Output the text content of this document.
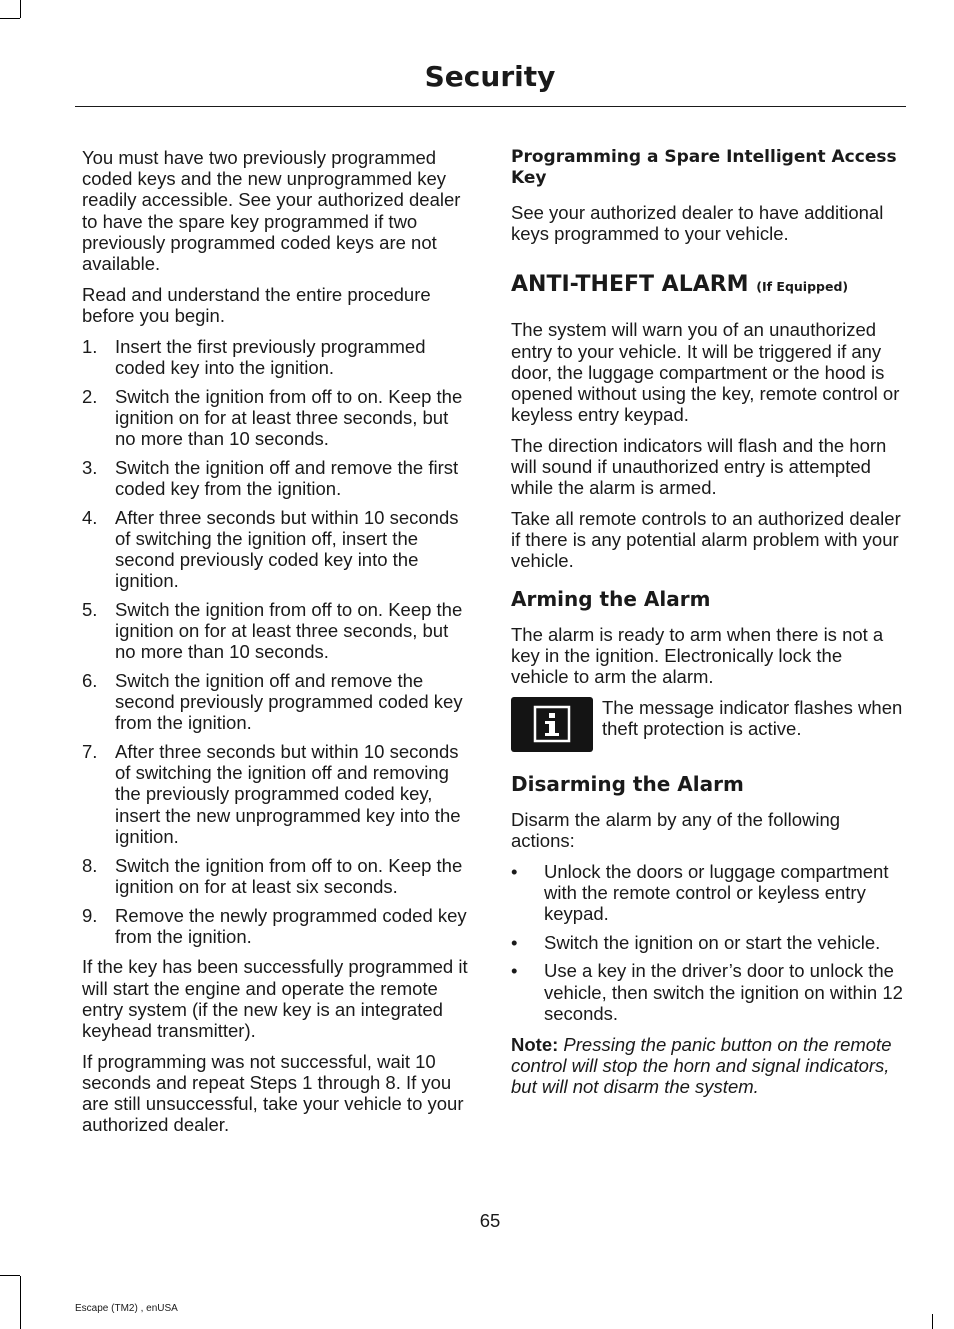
Security

You must have two previously programmed coded keys and the new unprogrammed key readily accessible. See your authorized dealer to have the spare key programmed if two previously programmed coded keys are not available.

Read and understand the entire procedure before you begin.

1. Insert the first previously programmed coded key into the ignition.
2. Switch the ignition from off to on. Keep the ignition on for at least three seconds, but no more than 10 seconds.
3. Switch the ignition off and remove the first coded key from the ignition.
4. After three seconds but within 10 seconds of switching the ignition off, insert the second previously coded key into the ignition.
5. Switch the ignition from off to on. Keep the ignition on for at least three seconds, but no more than 10 seconds.
6. Switch the ignition off and remove the second previously programmed coded key from the ignition.
7. After three seconds but within 10 seconds of switching the ignition off and removing the previously programmed coded key, insert the new unprogrammed key into the ignition.
8. Switch the ignition from off to on. Keep the ignition on for at least six seconds.
9. Remove the newly programmed coded key from the ignition.

If the key has been successfully programmed it will start the engine and operate the remote entry system (if the new key is an integrated keyhead transmitter).

If programming was not successful, wait 10 seconds and repeat Steps 1 through 8. If you are still unsuccessful, take your vehicle to your authorized dealer.

Programming a Spare Intelligent Access Key

See your authorized dealer to have additional keys programmed to your vehicle.

ANTI-THEFT ALARM (If Equipped)

The system will warn you of an unauthorized entry to your vehicle. It will be triggered if any door, the luggage compartment or the hood is opened without using the key, remote control or keyless entry keypad.

The direction indicators will flash and the horn will sound if unauthorized entry is attempted while the alarm is armed.

Take all remote controls to an authorized dealer if there is any potential alarm problem with your vehicle.

Arming the Alarm

The alarm is ready to arm when there is not a key in the ignition. Electronically lock the vehicle to arm the alarm.

The message indicator flashes when theft protection is active.
Disarming the Alarm

Disarm the alarm by any of the following actions:

• Unlock the doors or luggage compartment with the remote control or keyless entry keypad.
• Switch the ignition on or start the vehicle.
• Use a key in the driver’s door to unlock the vehicle, then switch the ignition on within 12 seconds.

Note: Pressing the panic button on the remote control will stop the horn and signal indicators, but will not disarm the system.

65
Escape (TM2) , enUSA
